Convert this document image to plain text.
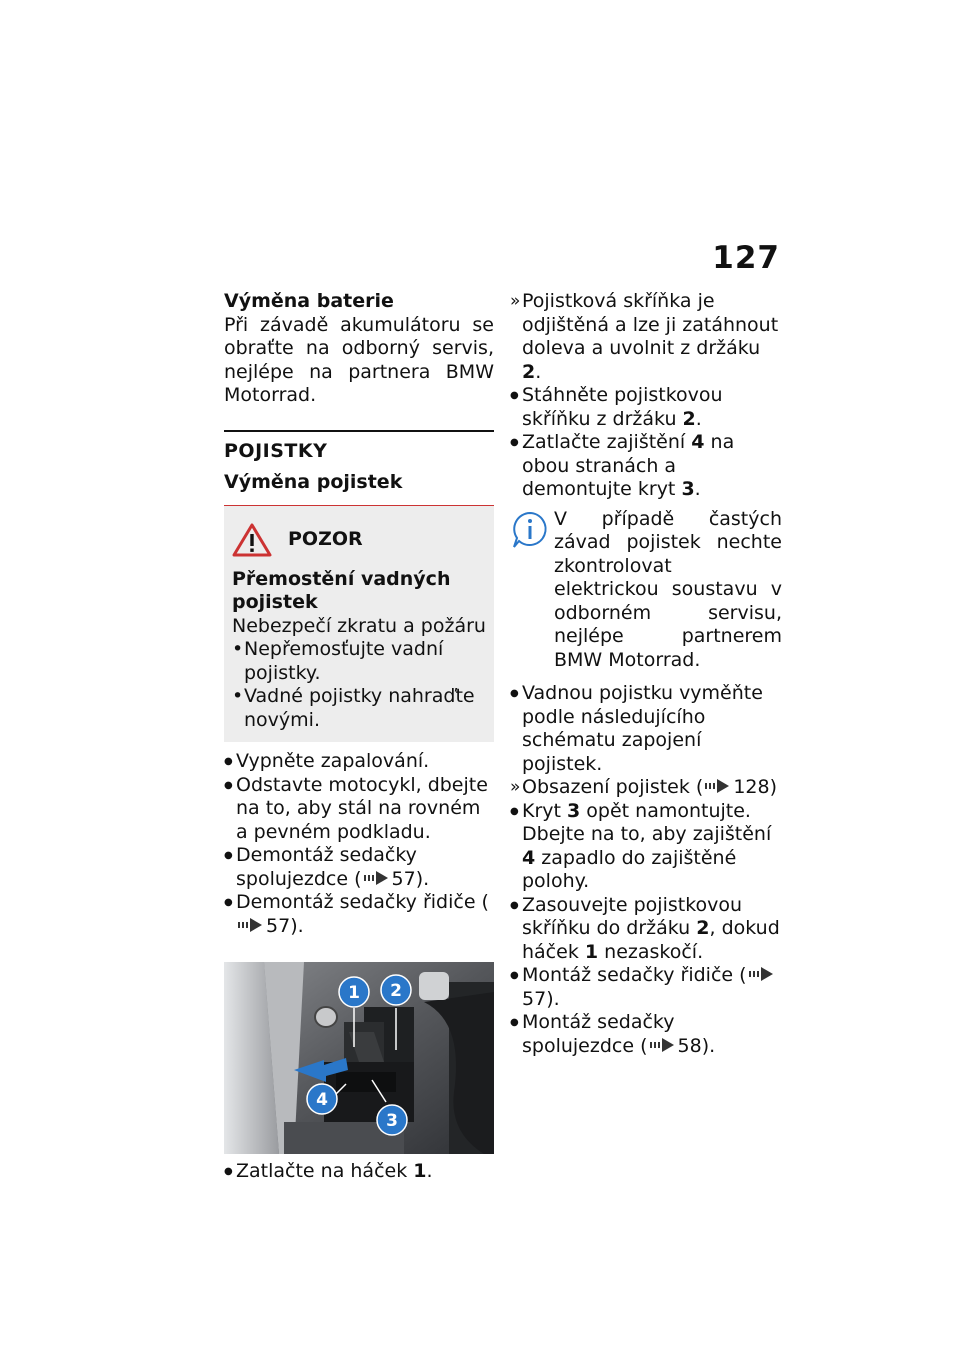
127
Výměna baterie

Při závadě akumulátoru se obraťte na odborný servis, nejlépe na partnera BMW Motorrad.

POJISTKY
Výměna pojistek
POZOR
Přemostění vadných pojistek

Nebezpečí zkratu a požáru

• Nepřemosťujte vadní pojistky.
• Vadné pojistky nahraďte novými.
● Vypněte zapalování.
● Odstavte motocykl, dbejte na to, aby stál na rovném a pevném podkladu.
● Demontáž sedačky spolujezdce ( 57).
● Demontáž sedačky řidiče (57).
1 2
3
4
● Zatlačte na háček 1.
» Pojistková skříňka je odjištěná a lze ji zatáhnout doleva a uvolnit z držáku 2.
● Stáhněte pojistkovou skříňku z držáku 2.
● Zatlačte zajištění 4 na obou stranách a demontujte kryt 3.

V případě častých závad pojistek nechte zkontrolovat elektrickou soustavu v odborném servisu, nejlépe partnerem BMW Motorrad.

● Vadnou pojistku vyměňte podle následujícího schématu zapojení pojistek.
» Obsazení pojistek ( 128)
● Kryt 3 opět namontujte.
Dbejte na to, aby zajištění 4 zapadlo do zajištěné polohy.
● Zasouvejte pojistkovou skříňku do držáku 2, dokud háček 1 nezaskočí.
● Montáž sedačky řidiče (57).
● Montáž sedačky spolujezdce ( 58).
